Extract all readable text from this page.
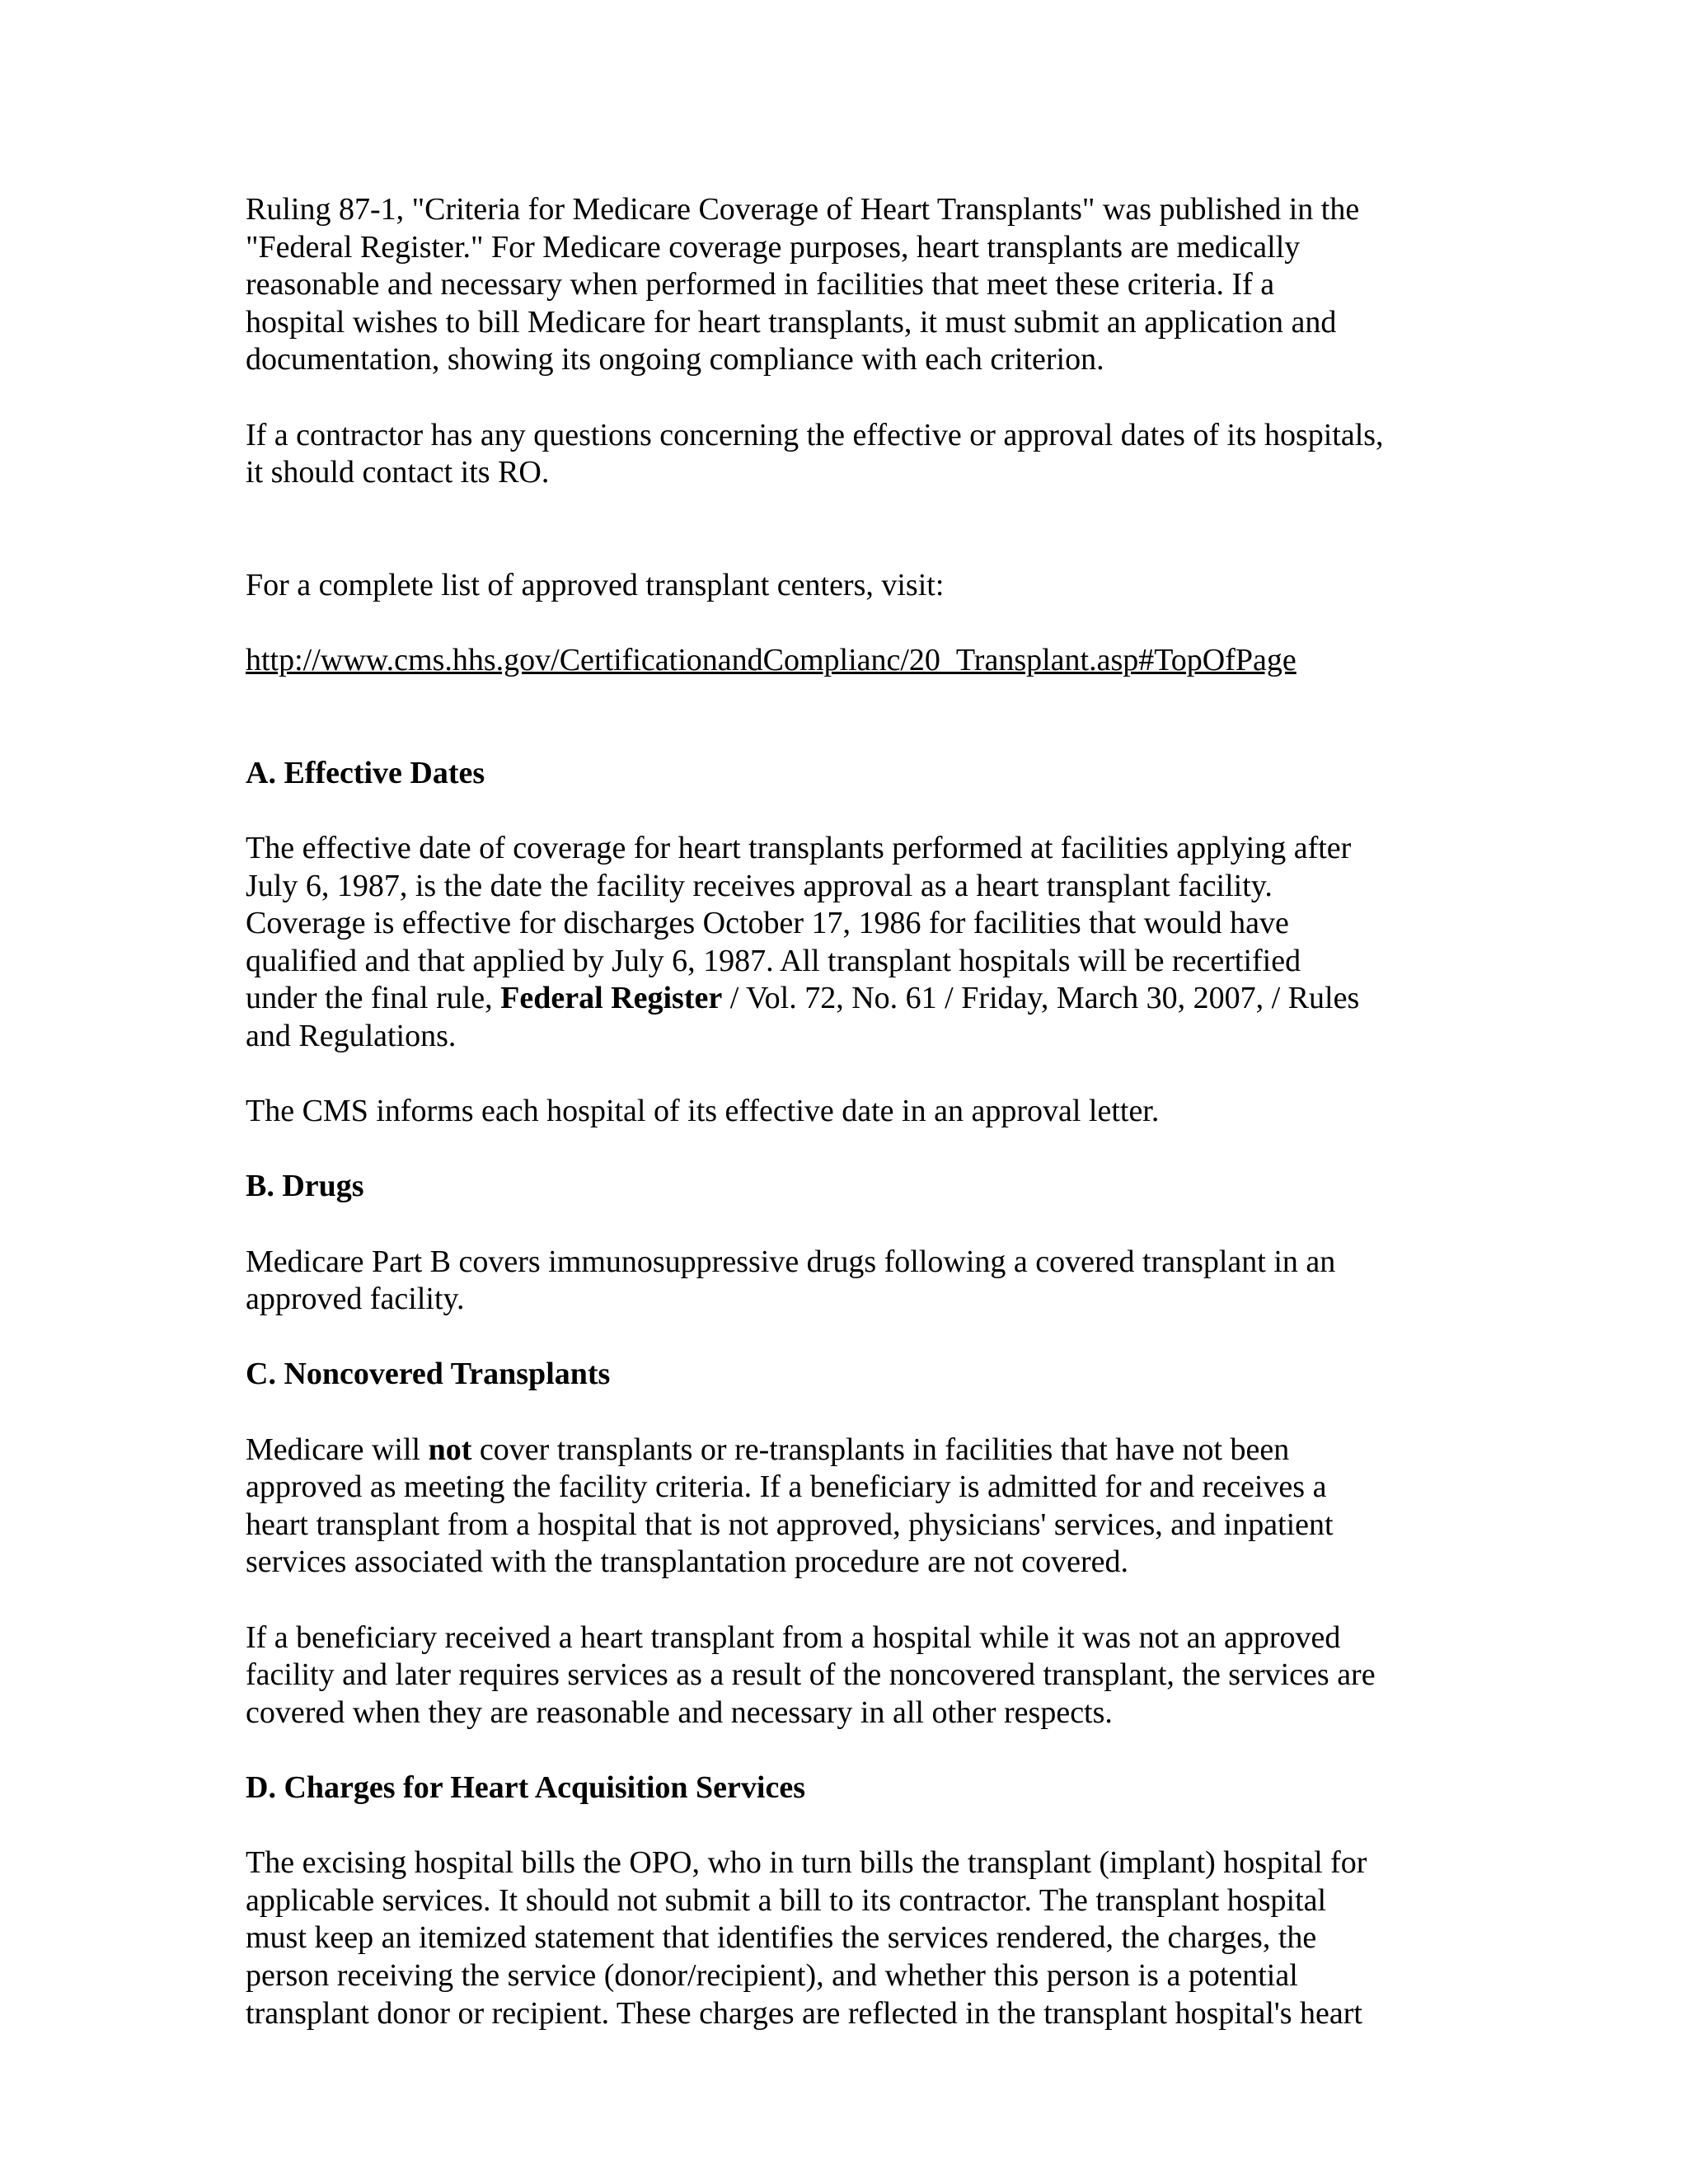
Ruling 87-1, "Criteria for Medicare Coverage of Heart Transplants" was published in the
"Federal Register." For Medicare coverage purposes, heart transplants are medically
reasonable and necessary when performed in facilities that meet these criteria. If a
hospital wishes to bill Medicare for heart transplants, it must submit an application and
documentation, showing its ongoing compliance with each criterion.

If a contractor has any questions concerning the effective or approval dates of its hospitals,
it should contact its RO.

For a complete list of approved transplant centers, visit:

http://www.cms.hhs.gov/CertificationandComplianc/20_Transplant.asp#TopOfPage

A. Effective Dates

The effective date of coverage for heart transplants performed at facilities applying after
July 6, 1987, is the date the facility receives approval as a heart transplant facility.
Coverage is effective for discharges October 17, 1986 for facilities that would have
qualified and that applied by July 6, 1987. All transplant hospitals will be recertified
under the final rule, Federal Register / Vol. 72, No. 61 / Friday, March 30, 2007, / Rules
and Regulations.

The CMS informs each hospital of its effective date in an approval letter.

B. Drugs

Medicare Part B covers immunosuppressive drugs following a covered transplant in an
approved facility.

C. Noncovered Transplants

Medicare will not cover transplants or re-transplants in facilities that have not been
approved as meeting the facility criteria. If a beneficiary is admitted for and receives a
heart transplant from a hospital that is not approved, physicians' services, and inpatient
services associated with the transplantation procedure are not covered.

If a beneficiary received a heart transplant from a hospital while it was not an approved
facility and later requires services as a result of the noncovered transplant, the services are
covered when they are reasonable and necessary in all other respects.

D. Charges for Heart Acquisition Services

The excising hospital bills the OPO, who in turn bills the transplant (implant) hospital for
applicable services. It should not submit a bill to its contractor. The transplant hospital
must keep an itemized statement that identifies the services rendered, the charges, the
person receiving the service (donor/recipient), and whether this person is a potential
transplant donor or recipient. These charges are reflected in the transplant hospital's heart
